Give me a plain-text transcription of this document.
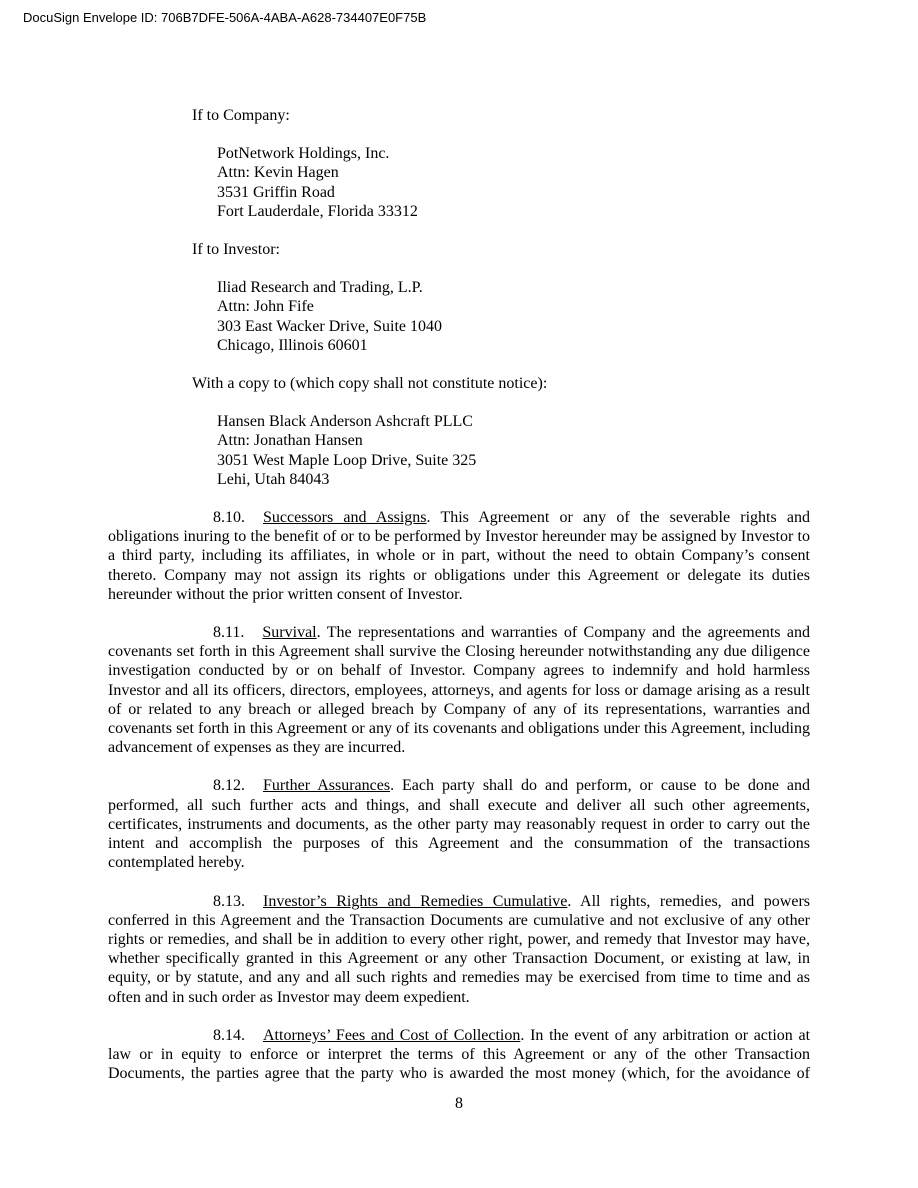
DocuSign Envelope ID: 706B7DFE-506A-4ABA-A628-734407E0F75B
If to Company:
PotNetwork Holdings, Inc.
Attn: Kevin Hagen
3531 Griffin Road
Fort Lauderdale, Florida 33312
If to Investor:
Iliad Research and Trading, L.P.
Attn: John Fife
303 East Wacker Drive, Suite 1040
Chicago, Illinois 60601
With a copy to (which copy shall not constitute notice):
Hansen Black Anderson Ashcraft PLLC
Attn: Jonathan Hansen
3051 West Maple Loop Drive, Suite 325
Lehi, Utah 84043

8.10. Successors and Assigns. This Agreement or any of the severable rights and obligations inuring to the benefit of or to be performed by Investor hereunder may be assigned by Investor to a third party, including its affiliates, in whole or in part, without the need to obtain Company’s consent thereto. Company may not assign its rights or obligations under this Agreement or delegate its duties hereunder without the prior written consent of Investor.

8.11. Survival. The representations and warranties of Company and the agreements and covenants set forth in this Agreement shall survive the Closing hereunder notwithstanding any due diligence investigation conducted by or on behalf of Investor. Company agrees to indemnify and hold harmless Investor and all its officers, directors, employees, attorneys, and agents for loss or damage arising as a result of or related to any breach or alleged breach by Company of any of its representations, warranties and covenants set forth in this Agreement or any of its covenants and obligations under this Agreement, including advancement of expenses as they are incurred.

8.12. Further Assurances. Each party shall do and perform, or cause to be done and performed, all such further acts and things, and shall execute and deliver all such other agreements, certificates, instruments and documents, as the other party may reasonably request in order to carry out the intent and accomplish the purposes of this Agreement and the consummation of the transactions contemplated hereby.

8.13. Investor’s Rights and Remedies Cumulative. All rights, remedies, and powers conferred in this Agreement and the Transaction Documents are cumulative and not exclusive of any other rights or remedies, and shall be in addition to every other right, power, and remedy that Investor may have, whether specifically granted in this Agreement or any other Transaction Document, or existing at law, in equity, or by statute, and any and all such rights and remedies may be exercised from time to time and as often and in such order as Investor may deem expedient.

8.14. Attorneys’ Fees and Cost of Collection. In the event of any arbitration or action at law or in equity to enforce or interpret the terms of this Agreement or any of the other Transaction Documents, the parties agree that the party who is awarded the most money (which, for the avoidance of

8
